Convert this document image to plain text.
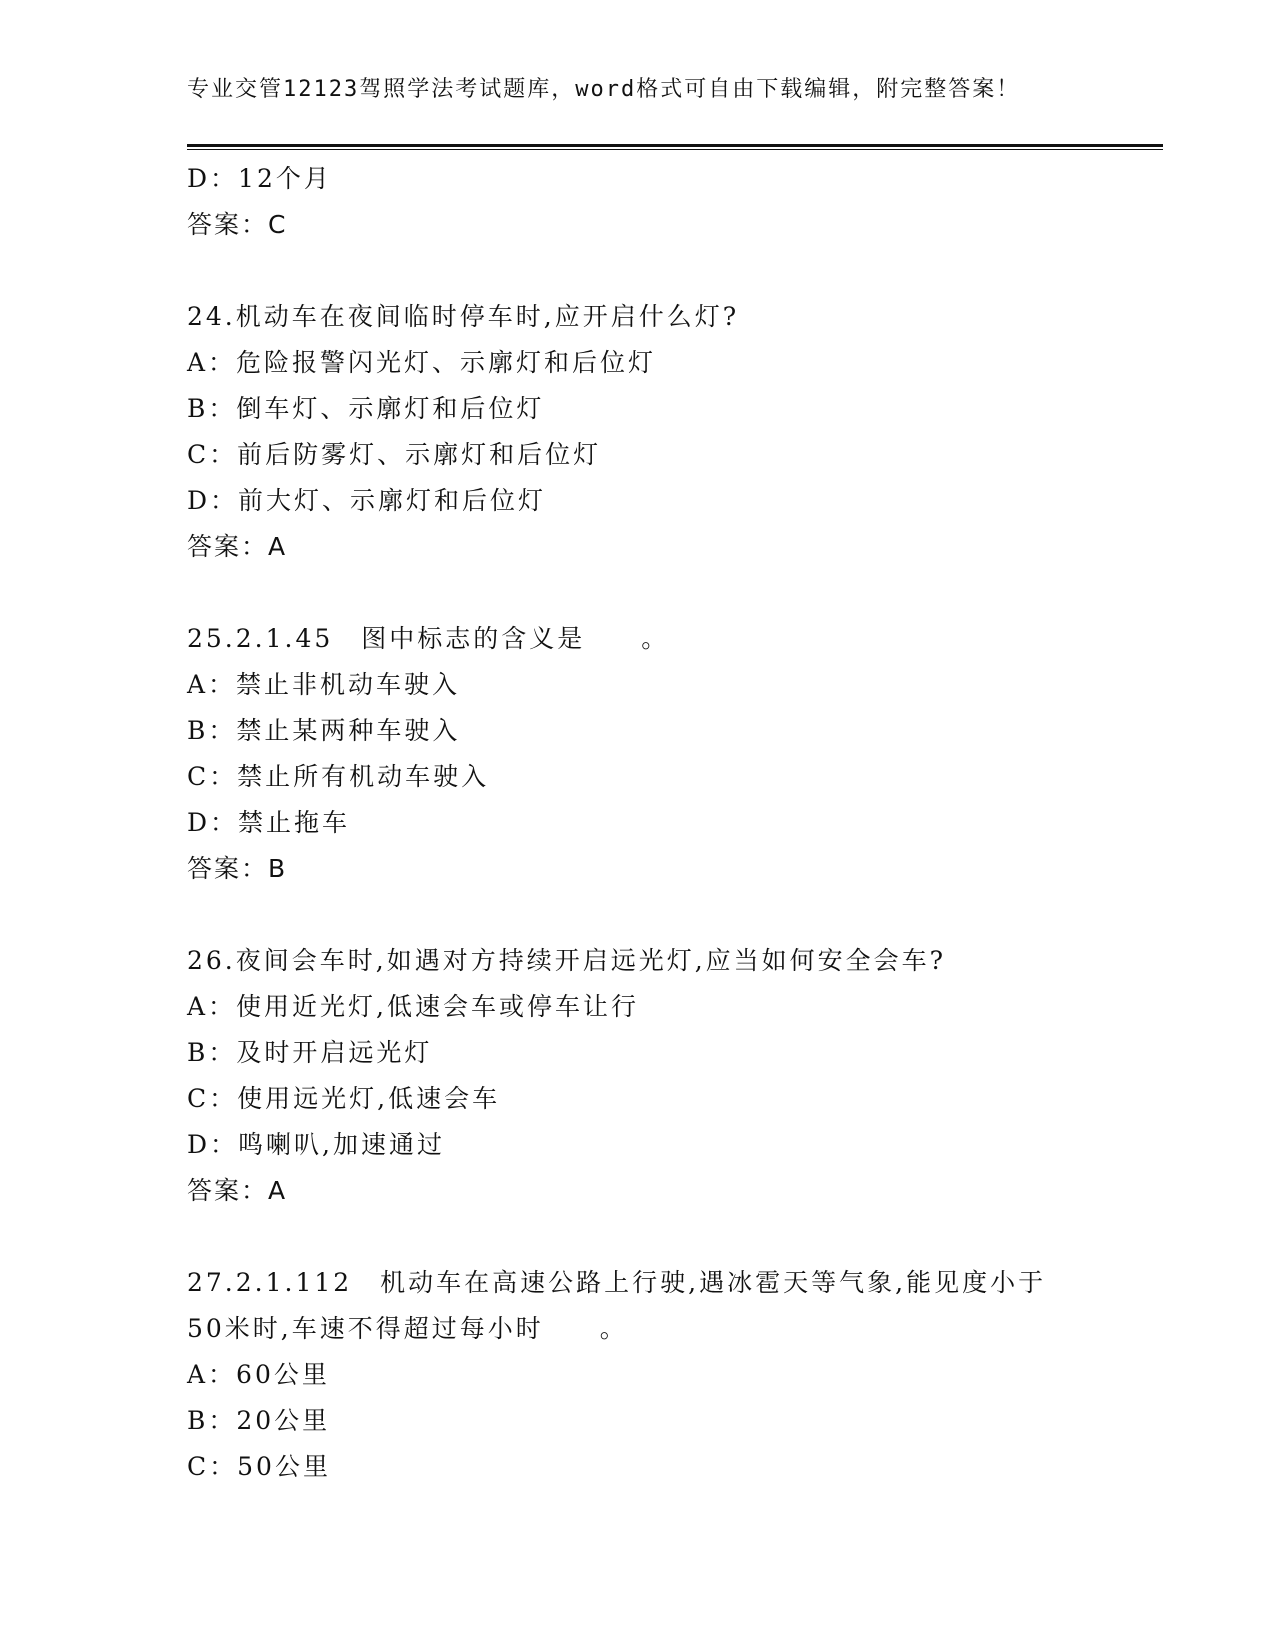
专业交管12123驾照学法考试题库，word格式可自由下载编辑，附完整答案！
D：12个月
答案：C
24.机动车在夜间临时停车时,应开启什么灯?
A：危险报警闪光灯、示廓灯和后位灯
B：倒车灯、示廓灯和后位灯
C：前后防雾灯、示廓灯和后位灯
D：前大灯、示廓灯和后位灯
答案：A
25.2.1.45　图中标志的含义是　　。
A：禁止非机动车驶入
B：禁止某两种车驶入
C：禁止所有机动车驶入
D：禁止拖车
答案：B
26.夜间会车时,如遇对方持续开启远光灯,应当如何安全会车?
A：使用近光灯,低速会车或停车让行
B：及时开启远光灯
C：使用远光灯,低速会车
D：鸣喇叭,加速通过
答案：A
27.2.1.112　机动车在高速公路上行驶,遇冰雹天等气象,能见度小于
50米时,车速不得超过每小时　　。
A：60公里
B：20公里
C：50公里
